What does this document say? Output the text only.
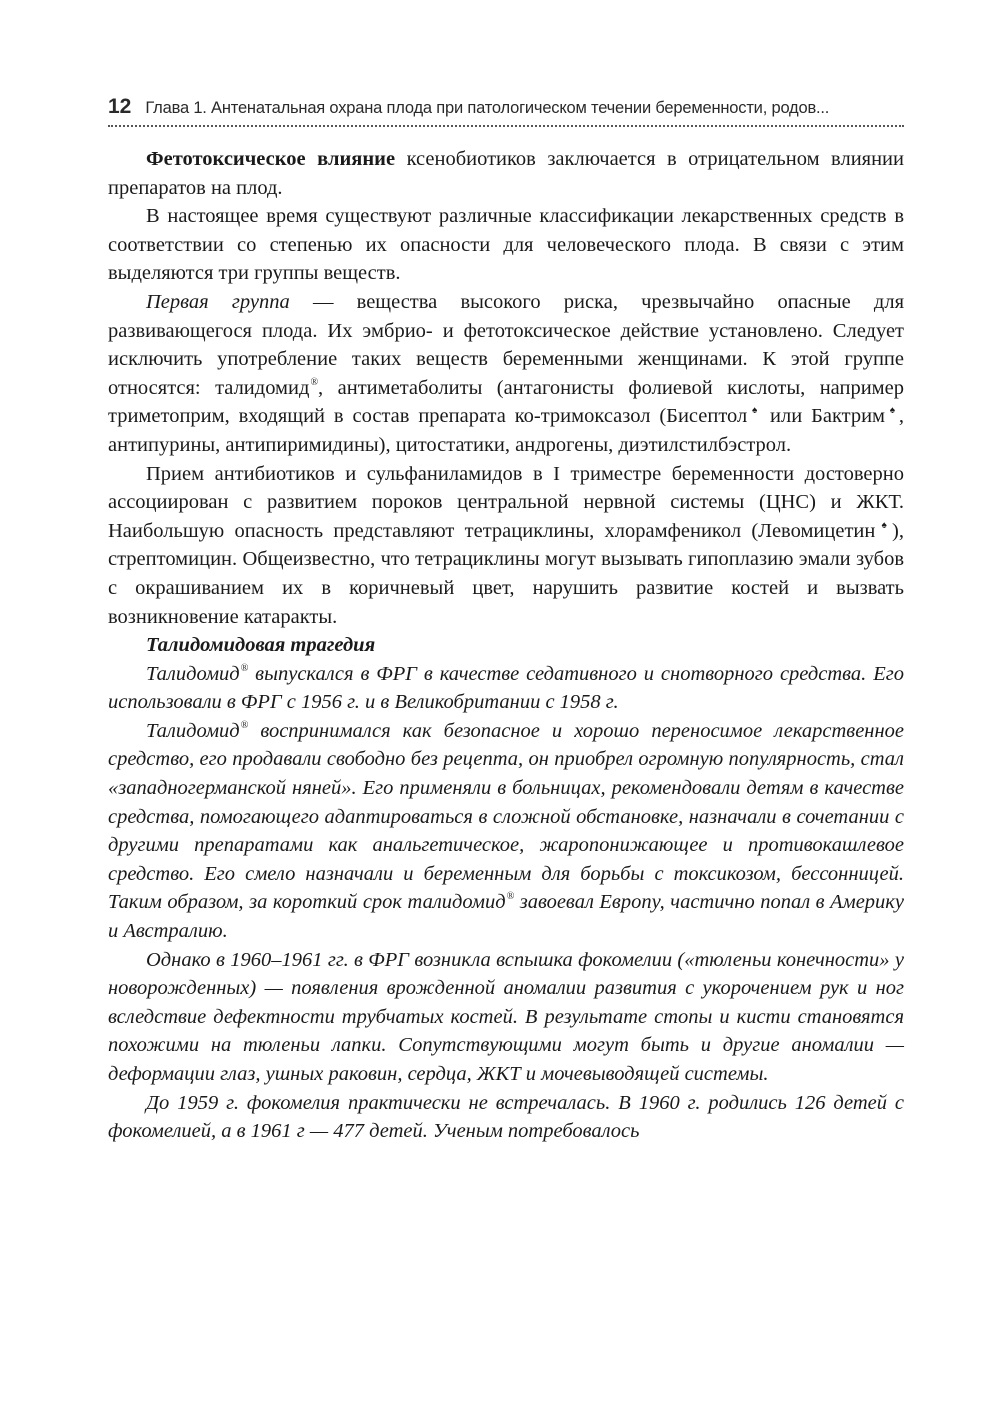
12 Глава 1. Антенатальная охрана плода при патологическом течении беременности, родов...

Фетотоксическое влияние ксенобиотиков заключается в отрицательном влиянии препаратов на плод.

В настоящее время существуют различные классификации лекарственных средств в соответствии со степенью их опасности для человеческого плода. В связи с этим выделяются три группы веществ.

Первая группа — вещества высокого риска, чрезвычайно опасные для развивающегося плода. Их эмбрио- и фетотоксическое действие установлено. Следует исключить употребление таких веществ беременными женщинами. К этой группе относятся: талидомид®, антиметаболиты (антагонисты фолиевой кислоты, например триметоприм, входящий в состав препарата ко-тримоксазол (Бисептол♠ или Бактрим♠, антипурины, антипиримидины), цитостатики, андрогены, диэтилстилбэстрол.

Прием антибиотиков и сульфаниламидов в I триместре беременности достоверно ассоциирован с развитием пороков центральной нервной системы (ЦНС) и ЖКТ. Наибольшую опасность представляют тетрациклины, хлорамфеникол (Левомицетин♠), стрептомицин. Общеизвестно, что тетрациклины могут вызывать гипоплазию эмали зубов с окрашиванием их в коричневый цвет, нарушить развитие костей и вызвать возникновение катаракты.

Талидомидовая трагедия

Талидомид® выпускался в ФРГ в качестве седативного и снотворного средства. Его использовали в ФРГ с 1956 г. и в Великобритании с 1958 г.

Талидомид® воспринимался как безопасное и хорошо переносимое лекарственное средство, его продавали свободно без рецепта, он приобрел огромную популярность, стал «западногерманской няней». Его применяли в больницах, рекомендовали детям в качестве средства, помогающего адаптироваться в сложной обстановке, назначали в сочетании с другими препаратами как анальгетическое, жаропонижающее и противокашлевое средство. Его смело назначали и беременным для борьбы с токсикозом, бессонницей. Таким образом, за короткий срок талидомид® завоевал Европу, частично попал в Америку и Австралию.

Однако в 1960–1961 гг. в ФРГ возникла вспышка фокомелии («тюленьи конечности» у новорожденных) — появления врожденной аномалии развития с укорочением рук и ног вследствие дефектности трубчатых костей. В результате стопы и кисти становятся похожими на тюленьи лапки. Сопутствующими могут быть и другие аномалии — деформации глаз, ушных раковин, сердца, ЖКТ и мочевыводящей системы.

До 1959 г. фокомелия практически не встречалась. В 1960 г. родились 126 детей с фокомелией, а в 1961 г — 477 детей. Ученым потребовалось
